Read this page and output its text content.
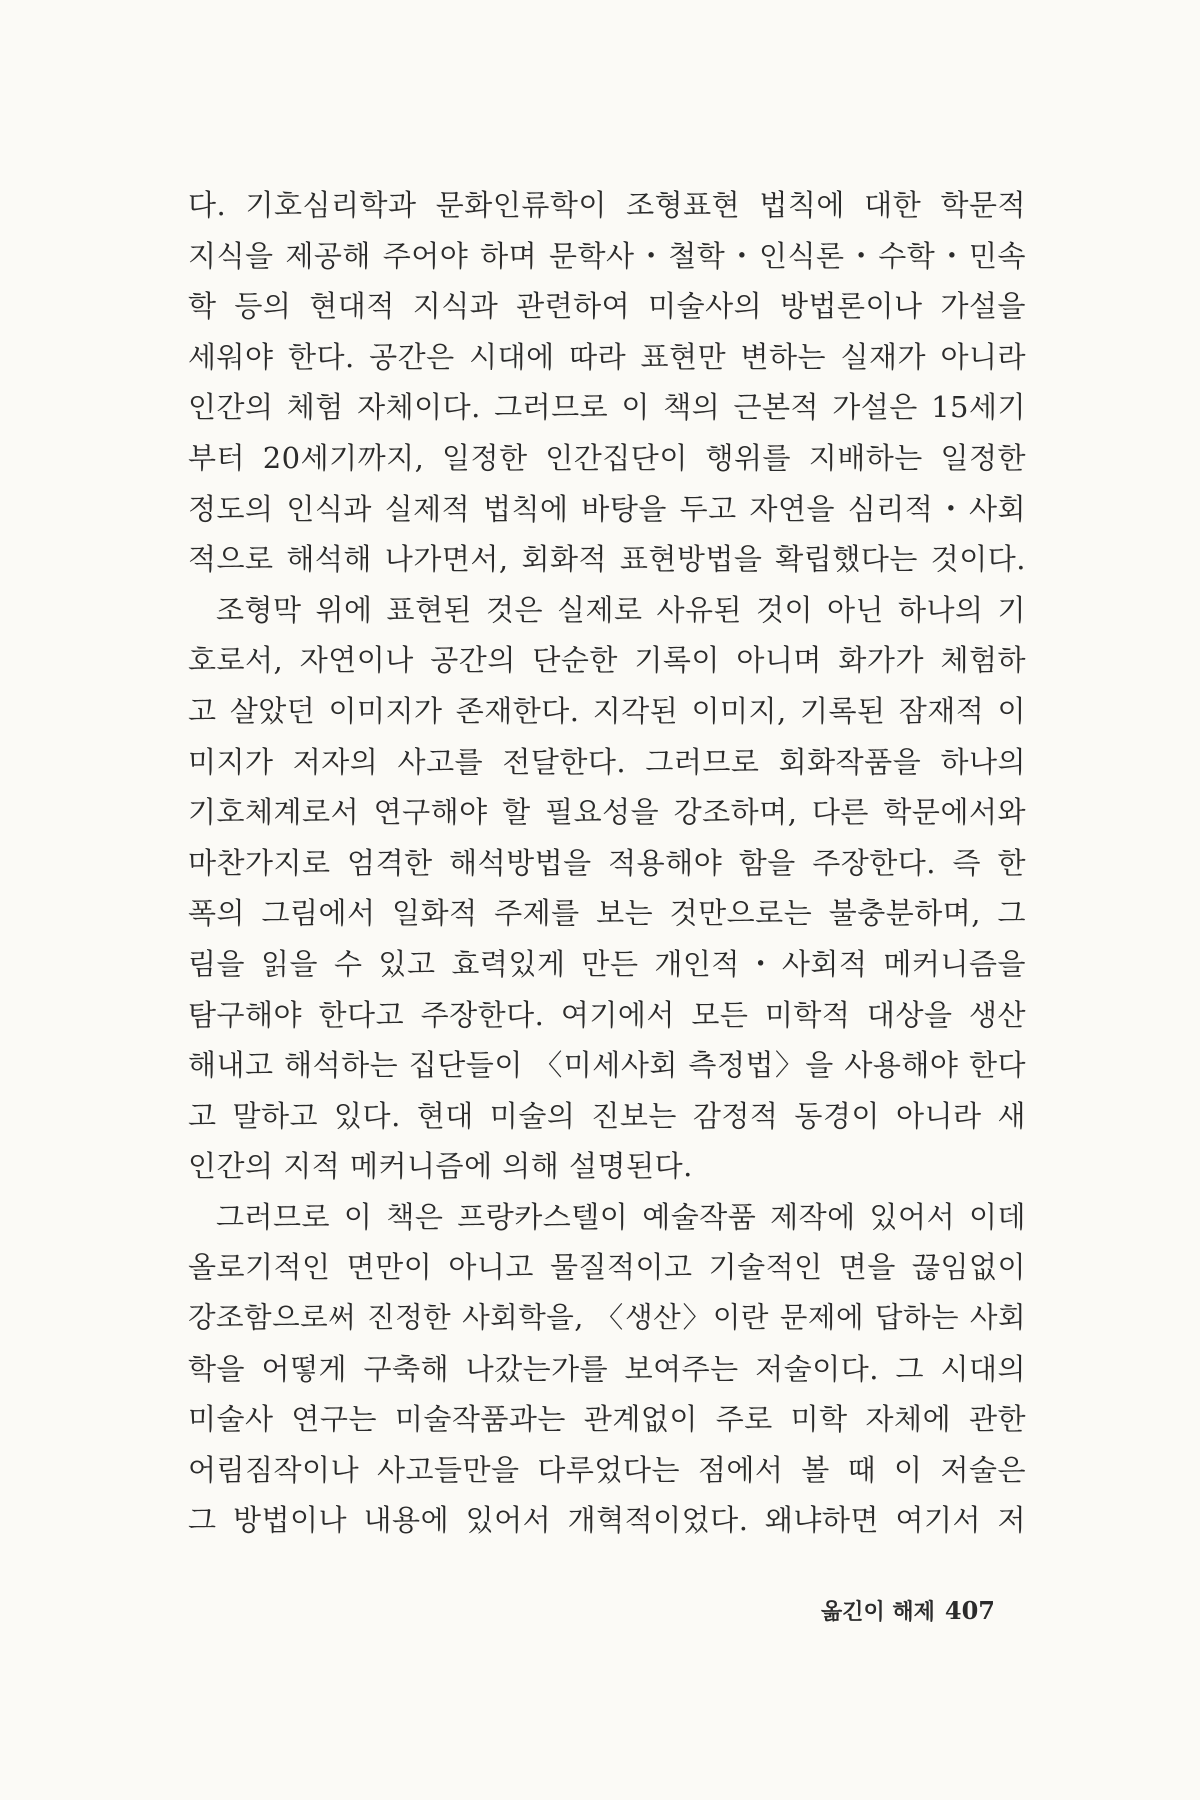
다. 기호심리학과 문화인류학이 조형표현 법칙에 대한 학문적
지식을 제공해 주어야 하며 문학사・철학・인식론・수학・민속
학 등의 현대적 지식과 관련하여 미술사의 방법론이나 가설을
세워야 한다. 공간은 시대에 따라 표현만 변하는 실재가 아니라
인간의 체험 자체이다. 그러므로 이 책의 근본적 가설은 15세기
부터 20세기까지, 일정한 인간집단이 행위를 지배하는 일정한
정도의 인식과 실제적 법칙에 바탕을 두고 자연을 심리적・사회
적으로 해석해 나가면서, 회화적 표현방법을 확립했다는 것이다.
조형막 위에 표현된 것은 실제로 사유된 것이 아닌 하나의 기
호로서, 자연이나 공간의 단순한 기록이 아니며 화가가 체험하
고 살았던 이미지가 존재한다. 지각된 이미지, 기록된 잠재적 이
미지가 저자의 사고를 전달한다. 그러므로 회화작품을 하나의
기호체계로서 연구해야 할 필요성을 강조하며, 다른 학문에서와
마찬가지로 엄격한 해석방법을 적용해야 함을 주장한다. 즉 한
폭의 그림에서 일화적 주제를 보는 것만으로는 불충분하며, 그
림을 읽을 수 있고 효력있게 만든 개인적・사회적 메커니즘을
탐구해야 한다고 주장한다. 여기에서 모든 미학적 대상을 생산
해내고 해석하는 집단들이 〈미세사회 측정법〉을 사용해야 한다
고 말하고 있다. 현대 미술의 진보는 감정적 동경이 아니라 새
인간의 지적 메커니즘에 의해 설명된다.
그러므로 이 책은 프랑카스텔이 예술작품 제작에 있어서 이데
올로기적인 면만이 아니고 물질적이고 기술적인 면을 끊임없이
강조함으로써 진정한 사회학을, 〈생산〉이란 문제에 답하는 사회
학을 어떻게 구축해 나갔는가를 보여주는 저술이다. 그 시대의
미술사 연구는 미술작품과는 관계없이 주로 미학 자체에 관한
어림짐작이나 사고들만을 다루었다는 점에서 볼 때 이 저술은
그 방법이나 내용에 있어서 개혁적이었다. 왜냐하면 여기서 저
옮긴이 해제 407
